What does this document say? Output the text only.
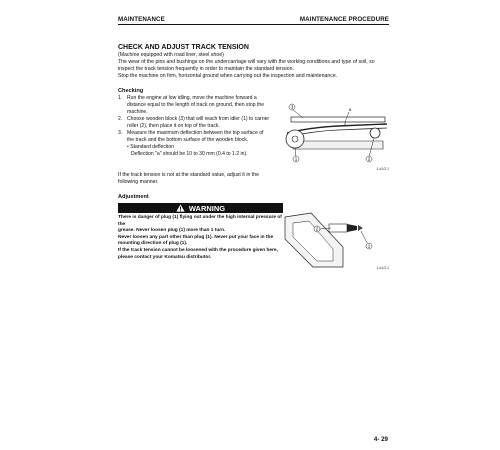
MAINTENANCE	MAINTENANCE PROCEDURE
CHECK AND ADJUST TRACK TENSION
(Machine equipped with road liner, steel shoe)
The wear of the pins and bushings on the undercarriage will vary with the working conditions and type of soil, so
inspect the track tension frequently in order to maintain the standard tension.
Stop the machine on firm, horizontal ground when carrying out the inspection and maintenance.
Checking
1. Run the engine at low idling, move the machine forward a
distance equal to the length of track on ground, then stop the
machine.
2. Choose wooden block (3) that will reach from idler (1) to carrier
roller (2), then place it on top of the track.
3. Measure the maximum deflection between the top surface of
the track and the bottom surface of the wooden block.
• Standard deflection
Deflection "a" should be 10 to 30 mm (0.4 to 1.2 in).
3	a
1	2
1-#1/2.1
If the track tension is not at the standard value, adjust it in the
following manner.
Adjustment
WARNING
There is danger of plug (1) flying out under the high internal pressure of the
grease. Never loosen plug (1) more than 1 turn.
Never loosen any part other than plug (1). Never put your face in the
mounting direction of plug (1).
If the track tension cannot be loosened with the procedure given here,
please contact your Komatsu distributor.
2
1
1-#1/2.1
4- 29
